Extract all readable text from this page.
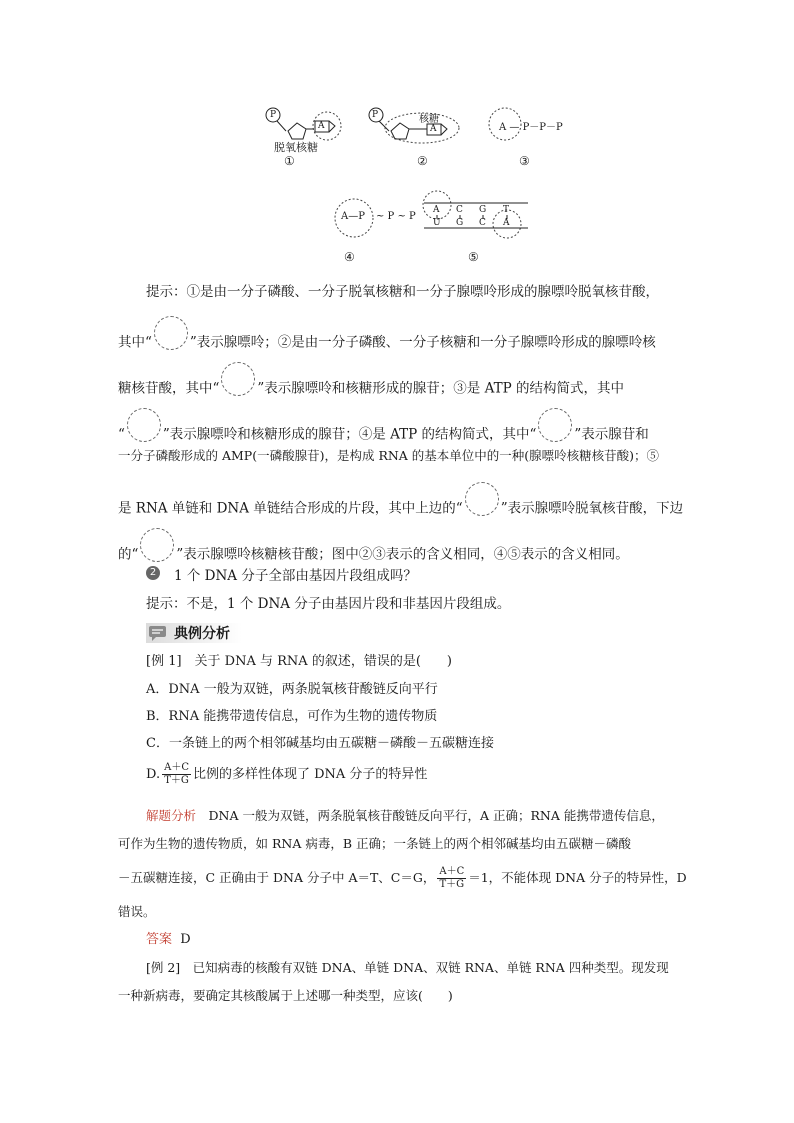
P
A
脱氧核糖
①
P	核糖
A
②
A — P－P－P
③
A—P ~ P ~ P
④
A C G T
U G C A
⑤
提示：①是由一分子磷酸、一分子脱氧核糖和一分子腺嘌呤形成的腺嘌呤脱氧核苷酸，
其中“	”表示腺嘌呤；②是由一分子磷酸、一分子核糖和一分子腺嘌呤形成的腺嘌呤核
糖核苷酸，其中“	”表示腺嘌呤和核糖形成的腺苷；③是 ATP 的结构简式，其中
“	”表示腺嘌呤和核糖形成的腺苷；④是 ATP 的结构简式，其中“	”表示腺苷和
一分子磷酸形成的 AMP(一磷酸腺苷)，是构成 RNA 的基本单位中的一种(腺嘌呤核糖核苷酸)；⑤
是 RNA 单链和 DNA 单链结合形成的片段，其中上边的“	”表示腺嘌呤脱氧核苷酸，下边
的“	”表示腺嘌呤核糖核苷酸；图中②③表示的含义相同，④⑤表示的含义相同。
2 1 个 DNA 分子全部由基因片段组成吗？
提示：不是，1 个 DNA 分子由基因片段和非基因片段组成。
典例分析
[例 1]　关于 DNA 与 RNA 的叙述，错误的是(　　)
A．DNA 一般为双链，两条脱氧核苷酸链反向平行
B．RNA 能携带遗传信息，可作为生物的遗传物质
C．一条链上的两个相邻碱基均由五碳糖－磷酸－五碳糖连接
D. $\frac{A+C}{T+G}$ 比例的多样性体现了 DNA 分子的特异性
解题分析　DNA 一般为双链，两条脱氧核苷酸链反向平行，A 正确；RNA 能携带遗传信息，
可作为生物的遗传物质，如 RNA 病毒，B 正确；一条链上的两个相邻碱基均由五碳糖－磷酸
－五碳糖连接，C 正确由于 DNA 分子中 A＝T、C＝G， $\frac{A+C}{T+G} =1$，不能体现 DNA 分子的特异性，D
错误。
答案 D
[例 2]　已知病毒的核酸有双链 DNA、单链 DNA、双链 RNA、单链 RNA 四种类型。现发现
一种新病毒，要确定其核酸属于上述哪一种类型，应该(　　)
